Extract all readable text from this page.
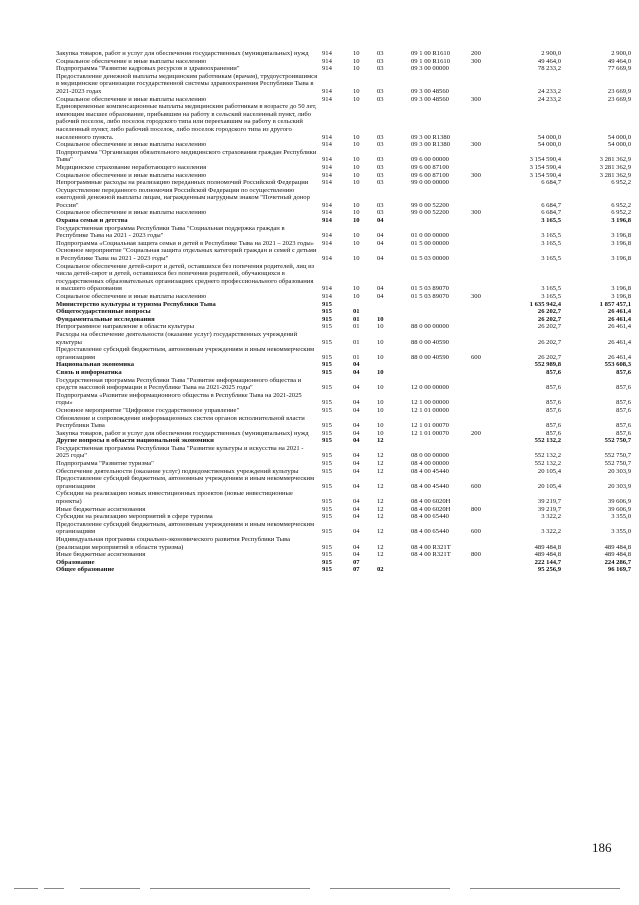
Закупка товаров, работ и услуг для обеспечения государственных (муниципальных) нужд	914	10	03	09 1 00 R1610	200	2 900,0	2 900,0
Социальное обеспечение и иные выплаты населению	914	10	03	09 1 00 R1610	300	49 464,0	49 464,0
Подпрограмма "Развитие кадровых ресурсов в здравоохранении"	914	10	03	09 3 00 00000	78 233,2	77 669,9
Предоставление денежной выплаты медицинским работникам (врачам), трудоустроившимся в медицинские организации государственной системы здравоохранения Республики Тыва в 2021-2023 годах	914	10	03	09 3 00 48560	24 233,2	23 669,9
Социальное обеспечение и иные выплаты населению	914	10	03	09 3 00 48560	300	24 233,2	23 669,9
Единовременные компенсационные выплаты медицинским работникам в возрасте до 50 лет, имеющим высшее образование, прибывшим на работу в сельский населенный пункт, либо рабочий поселок, либо поселок городского типа или переехавшим на работу в сельский населенный пункт, либо рабочий поселок, либо поселок городского типа из другого населенного пункта.	914	10	03	09 3 00 R1380	54 000,0	54 000,0
Социальное обеспечение и иные выплаты населению	914	10	03	09 3 00 R1380	300	54 000,0	54 000,0
Подпрограмма "Организация обязательного медицинского страхования граждан Республики Тыва"	914	10	03	09 6 00 00000	3 154 590,4	3 281 362,9
Медицинское страхование неработающего населения	914	10	03	09 6 00 87100	3 154 590,4	3 281 362,9
Социальное обеспечение и иные выплаты населению	914	10	03	09 6 00 87100	300	3 154 590,4	3 281 362,9
Непрограммные расходы на реализацию переданных полномочий Российской Федерации	914	10	03	99 0 00 00000	6 684,7	6 952,2
Осуществление переданного полномочия Российской Федерации по осуществлению ежегодной денежной выплаты лицам, награжденным нагрудным знаком "Почетный донор России"	914	10	03	99 0 00 52200	6 684,7	6 952,2
Социальное обеспечение и иные выплаты населению	914	10	03	99 0 00 52200	300	6 684,7	6 952,2
Охрана семьи и детства	914	10	04	3 165,5	3 196,8
Государственная программа Республики Тыва "Социальная поддержка граждан в Республике Тыва на 2021 - 2023 годы"	914	10	04	01 0 00 00000	3 165,5	3 196,8
Подпрограмма «Социальная защита семьи и детей в Республике Тыва на 2021 – 2023 годы»	914	10	04	01 5 00 00000	3 165,5	3 196,8
Основное мероприятие "Социальная защита отдельных категорий граждан и семей с детьми в Республике Тыва на 2021 - 2023 годы"	914	10	04	01 5 03 00000	3 165,5	3 196,8
Социальное обеспечение детей-сирот и детей, оставшихся без попечения родителей, лиц из числа детей-сирот и детей, оставшихся без попечения родителей, обучающихся в государственных образовательных организациях среднего профессионального образования и высшего образования	914	10	04	01 5 03 89070	3 165,5	3 196,8
Социальное обеспечение и иные выплаты населению	914	10	04	01 5 03 89070	300	3 165,5	3 196,8
Министерство культуры и туризма Республики Тыва	915	1 635 942,4	1 857 457,1
Общегосударственные вопросы	915	01	26 202,7	26 461,4
Фундаментальные исследования	915	01	10	26 202,7	26 461,4
Непрограммное направление в области культуры	915	01	10	88 0 00 00000	26 202,7	26 461,4
Расходы на обеспечение деятельности (оказание услуг) государственных учреждений культуры	915	01	10	88 0 00 40590	26 202,7	26 461,4
Предоставление субсидий бюджетным, автономным учреждениям и иным некоммерческим организациям	915	01	10	88 0 00 40590	600	26 202,7	26 461,4
Национальная экономика	915	04	552 989,8	553 608,3
Связь и информатика	915	04	10	857,6	857,6
Государственная программа Республики Тыва "Развитие информационного общества и средств массовой информации в Республике Тыва на 2021-2025 годы"	915	04	10	12 0 00 00000	857,6	857,6
Подпрограмма «Развитие информационного общества в Республике Тыва на 2021-2025 годы»	915	04	10	12 1 00 00000	857,6	857,6
Основное мероприятие "Цифровое государственное управление"	915	04	10	12 1 01 00000	857,6	857,6
Обновление и сопровождение информационных систем органов исполнительной власти Республики Тыва	915	04	10	12 1 01 00070	857,6	857,6
Закупка товаров, работ и услуг для обеспечения государственных (муниципальных) нужд	915	04	10	12 1 01 00070	200	857,6	857,6
Другие вопросы в области национальной экономики	915	04	12	552 132,2	552 750,7
Государственная программа Республики Тыва "Развитие культуры и искусства на 2021 - 2025 годы"	915	04	12	08 0 00 00000	552 132,2	552 750,7
Подпрограмма "Развитие туризма"	915	04	12	08 4 00 00000	552 132,2	552 750,7
Обеспечение деятельности (оказание услуг) подведомственных учреждений культуры	915	04	12	08 4 00 45440	20 105,4	20 303,9
Предоставление субсидий бюджетным, автономным учреждениям и иным некоммерческим организациям	915	04	12	08 4 00 45440	600	20 105,4	20 303,9
Субсидии на реализацию новых инвестиционных проектов (новые инвестиционные проекты)	915	04	12	08 4 00 6020Н	39 219,7	39 606,9
Иные бюджетные ассигнования	915	04	12	08 4 00 6020Н	800	39 219,7	39 606,9
Субсидии на реализацию мероприятий в сфере туризма	915	04	12	08 4 00 65440	3 322,2	3 355,0
Предоставление субсидий бюджетным, автономным учреждениям и иным некоммерческим организациям	915	04	12	08 4 00 65440	600	3 322,2	3 355,0
Индивидуальная программа социально-экономического развития Республики Тыва (реализация мероприятий в области туризма)	915	04	12	08 4 00 R321T	489 484,8	489 484,8
Иные бюджетные ассигнования	915	04	12	08 4 00 R321T	800	489 484,8	489 484,8
Образование	915	07	222 144,7	224 286,7
Общее образование	915	07	02	95 256,9	96 169,7
186
